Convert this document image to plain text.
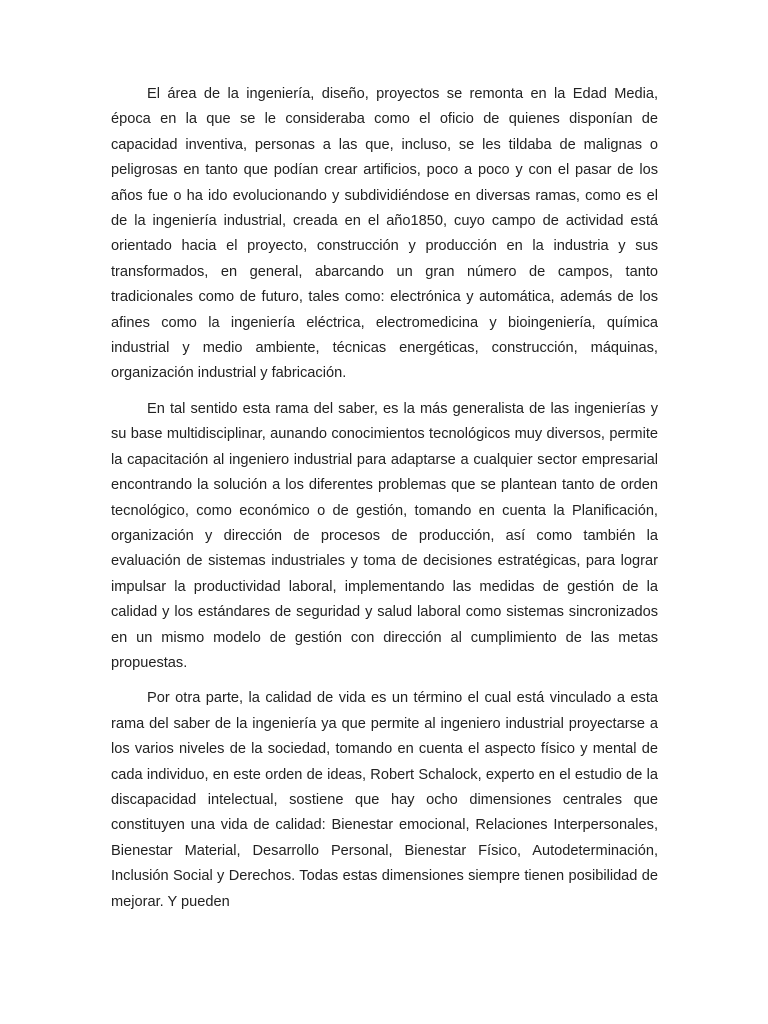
El área de la ingeniería, diseño, proyectos se remonta en la Edad Media, época en la que se le consideraba como el oficio de quienes disponían de capacidad inventiva, personas a las que, incluso, se les tildaba de malignas o peligrosas en tanto que podían crear artificios, poco a poco y con el pasar de los años fue o ha ido evolucionando y subdividiéndose en diversas ramas, como es el de la ingeniería industrial, creada en el año1850, cuyo campo de actividad está orientado hacia el proyecto, construcción y producción en la industria y sus transformados, en general, abarcando un gran número de campos, tanto tradicionales como de futuro, tales como: electrónica y automática, además de los afines como la ingeniería eléctrica, electromedicina y bioingeniería, química industrial y medio ambiente, técnicas energéticas, construcción, máquinas, organización industrial y fabricación.

En tal sentido esta rama del saber, es la más generalista de las ingenierías y su base multidisciplinar, aunando conocimientos tecnológicos muy diversos, permite la capacitación al ingeniero industrial para adaptarse a cualquier sector empresarial encontrando la solución a los diferentes problemas que se plantean tanto de orden tecnológico, como económico o de gestión, tomando en cuenta la Planificación, organización y dirección de procesos de producción, así como también la evaluación de sistemas industriales y toma de decisiones estratégicas, para lograr impulsar la productividad laboral, implementando las medidas de gestión de la calidad y los estándares de seguridad y salud laboral como sistemas sincronizados en un mismo modelo de gestión con dirección al cumplimiento de las metas propuestas.

Por otra parte, la calidad de vida es un término el cual está vinculado a esta rama del saber de la ingeniería ya que permite al ingeniero industrial proyectarse a los varios niveles de la sociedad, tomando en cuenta el aspecto físico y mental de cada individuo, en este orden de ideas, Robert Schalock, experto en el estudio de la discapacidad intelectual, sostiene que hay ocho dimensiones centrales que constituyen una vida de calidad: Bienestar emocional, Relaciones Interpersonales, Bienestar Material, Desarrollo Personal, Bienestar Físico, Autodeterminación, Inclusión Social y Derechos. Todas estas dimensiones siempre tienen posibilidad de mejorar. Y pueden
